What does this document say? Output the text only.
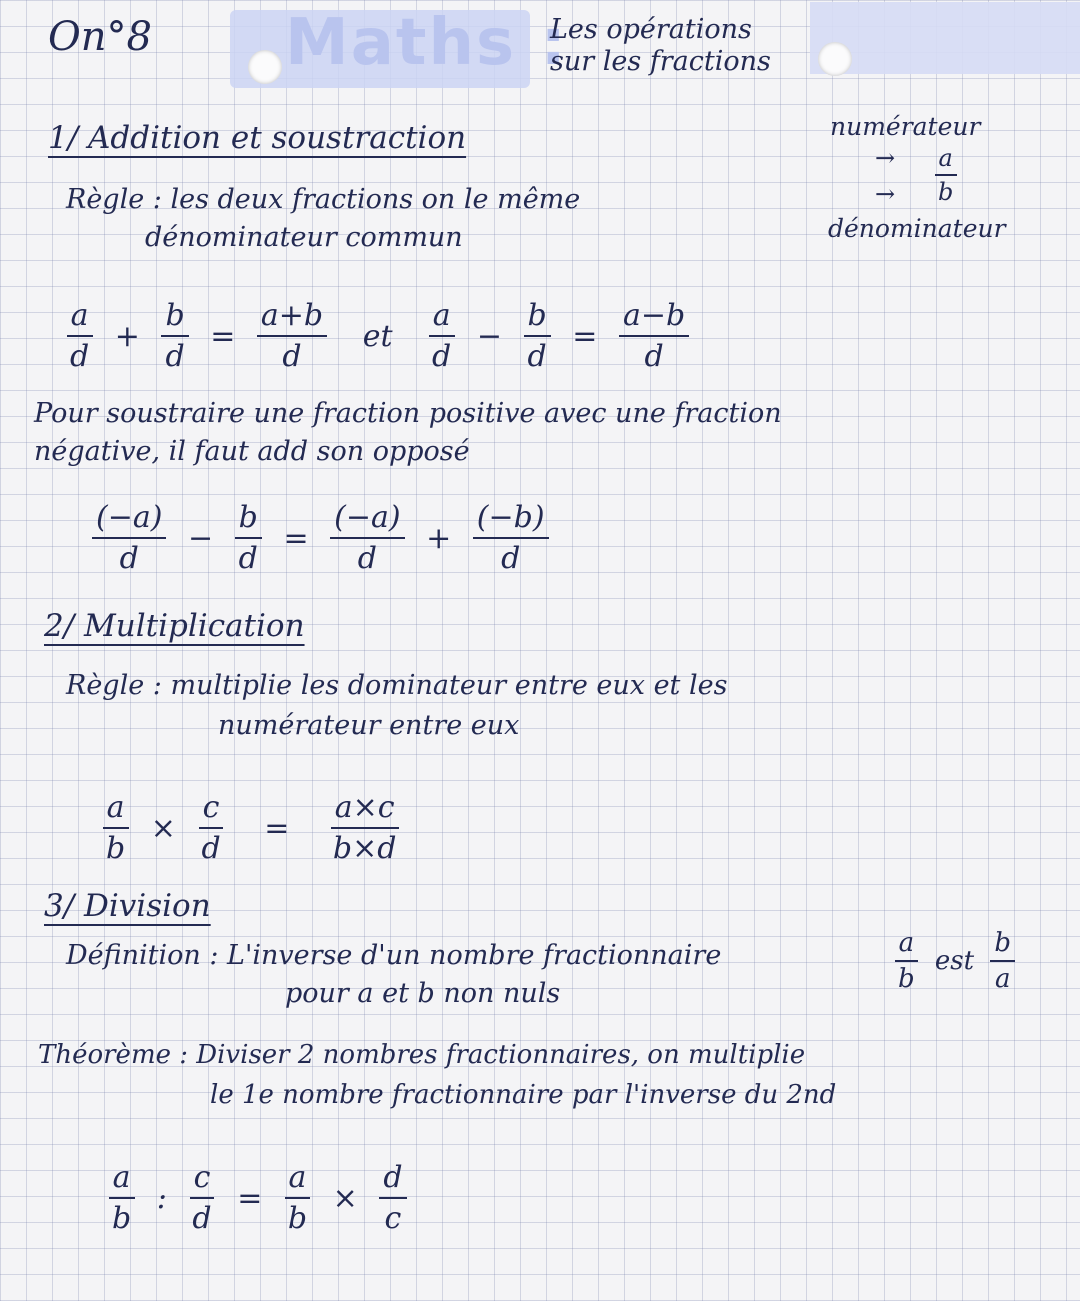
Maths :
On°8	Les opérations
sur les fractions
numérateur
→ $\frac{a}{b}$
→
dénominateur
1/ Addition et soustraction
Règle : les deux fractions on le même
dénominateur commun
$\frac{a}{d} + \frac{b}{d} = \frac{a+b}{d}$ et $\frac{a}{d} - \frac{b}{d} = \frac{a-b}{d}$
Pour soustraire une fraction positive avec une fraction
négative, il faut add son opposé
$\frac{(-a)}{d} - \frac{b}{d} = \frac{(-a)}{d} + \frac{(-b)}{d}$
2/ Multiplication
Règle : multiplie les dominateur entre eux et les
numérateur entre eux
$\frac{a}{b} \times \frac{c}{d} = \frac{a\times c}{b\times d}$
3/ Division
Définition : L'inverse d'un nombre fractionnaire	$\frac{a}{b}$ est $\frac{b}{a}$
pour a et b non nuls
Théorème : Diviser 2 nombres fractionnaires, on multiplie
le 1e nombre fractionnaire par l'inverse du 2nd
$\frac{a}{b}$ : $\frac{c}{d} = \frac{a}{b} \times \frac{d}{c}$
